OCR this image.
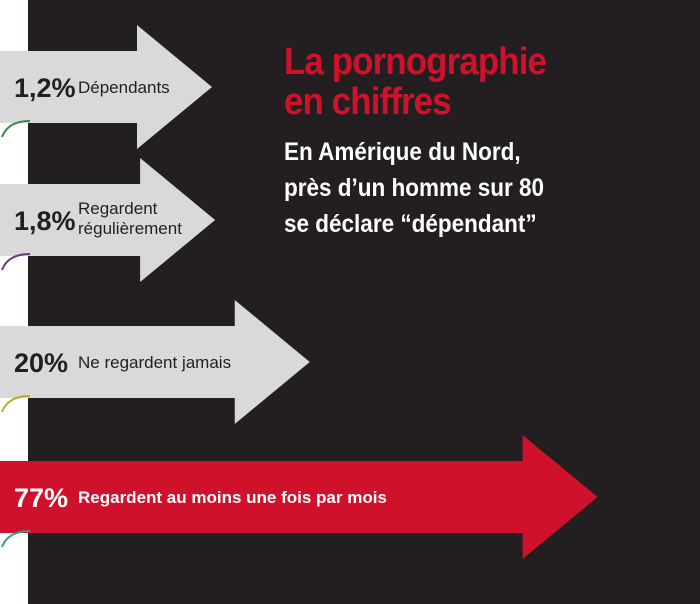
1,2% Dépendants
1,8% Regardent régulièrement
20% Ne regardent jamais
77% Regardent au moins une fois par mois
La pornographie
en chiffres
En Amérique du Nord,
près d’un homme sur 80
se déclare “dépendant”
